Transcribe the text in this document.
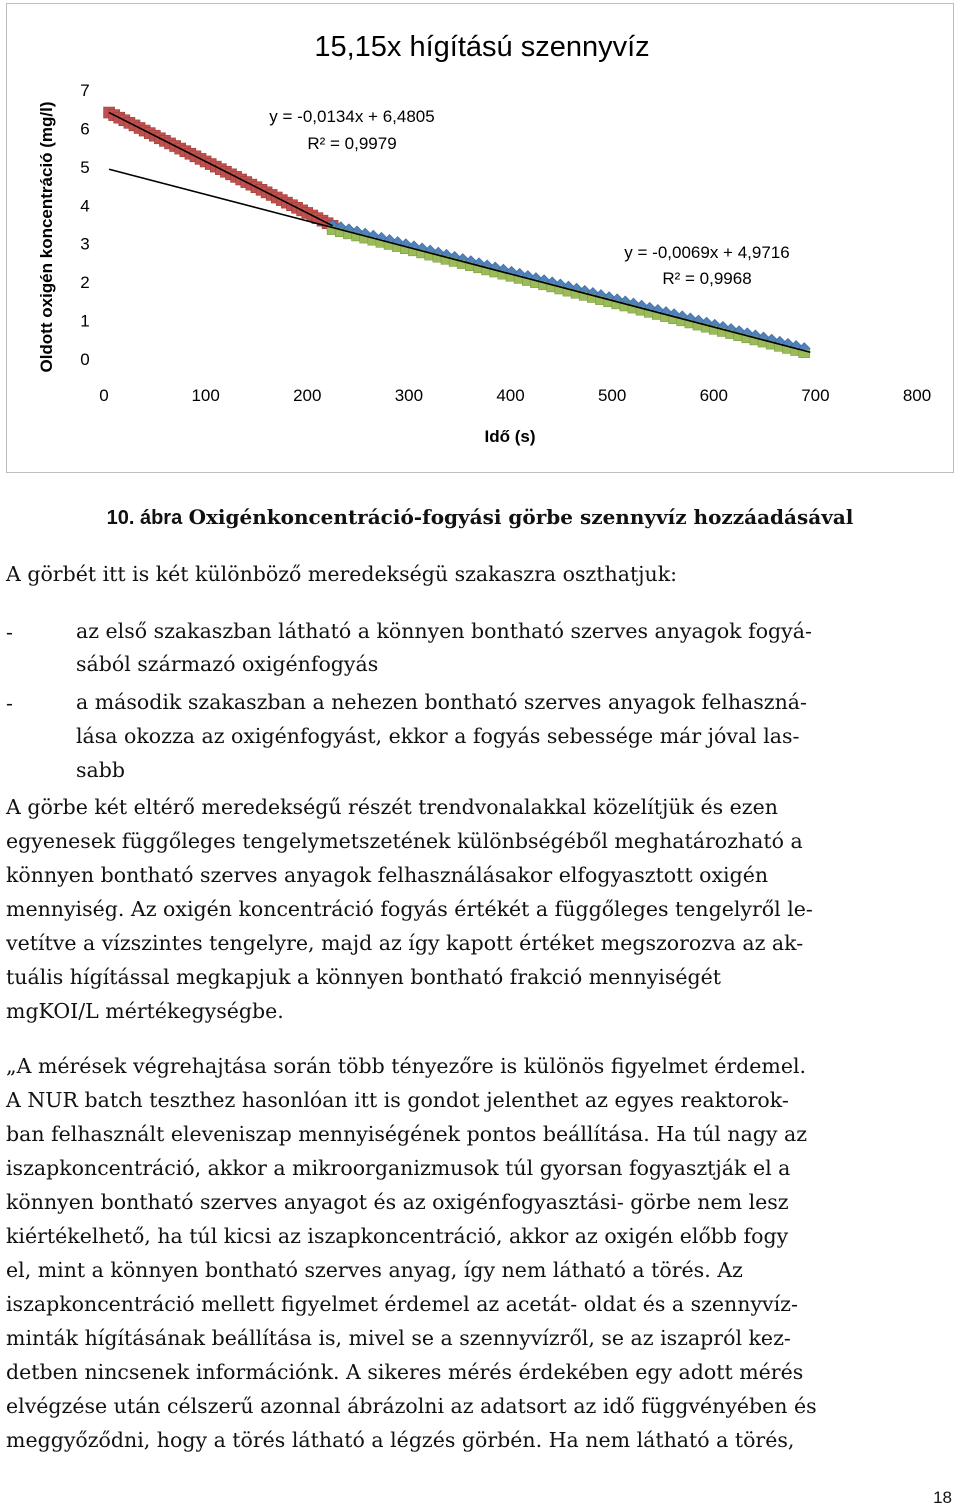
15,15x hígítású szennyvíz
Oldott oxigén koncentráció (mg/l)
Idő (s)
0
1
2
3
4
5
6
7
0	100	200	300	400	500	600	700	800
y = -0,0134x + 6,4805
R² = 0,9979
y = -0,0069x + 4,9716
R² = 0,9968
10. ábra Oxigénkoncentráció-fogyási görbe szennyvíz hozzáadásával
A görbét itt is két különböző meredekségü szakaszra oszthatjuk:
-	az első szakaszban látható a könnyen bontható szerves anyagok fogyá-
sából származó oxigénfogyás
-	a második szakaszban a nehezen bontható szerves anyagok felhaszná-
lása okozza az oxigénfogyást, ekkor a fogyás sebessége már jóval las-
sabb
A görbe két eltérő meredekségű részét trendvonalakkal közelítjük és ezen
egyenesek függőleges tengelymetszetének különbségéből meghatározható a
könnyen bontható szerves anyagok felhasználásakor elfogyasztott oxigén
mennyiség. Az oxigén koncentráció fogyás értékét a függőleges tengelyről le-
vetítve a vízszintes tengelyre, majd az így kapott értéket megszorozva az ak-
tuális hígítással megkapjuk a könnyen bontható frakció mennyiségét
mgKOI/L mértékegységbe.
„A mérések végrehajtása során több tényezőre is különös figyelmet érdemel.
A NUR batch teszthez hasonlóan itt is gondot jelenthet az egyes reaktorok-
ban felhasznált eleveniszap mennyiségének pontos beállítása. Ha túl nagy az
iszapkoncentráció, akkor a mikroorganizmusok túl gyorsan fogyasztják el a
könnyen bontható szerves anyagot és az oxigénfogyasztási- görbe nem lesz
kiértékelhető, ha túl kicsi az iszapkoncentráció, akkor az oxigén előbb fogy
el, mint a könnyen bontható szerves anyag, így nem látható a törés. Az
iszapkoncentráció mellett figyelmet érdemel az acetát- oldat és a szennyvíz-
minták hígításának beállítása is, mivel se a szennyvízről, se az iszapról kez-
detben nincsenek információnk. A sikeres mérés érdekében egy adott mérés
elvégzése után célszerű azonnal ábrázolni az adatsort az idő függvényében és
meggyőződni, hogy a törés látható a légzés görbén. Ha nem látható a törés,
18
